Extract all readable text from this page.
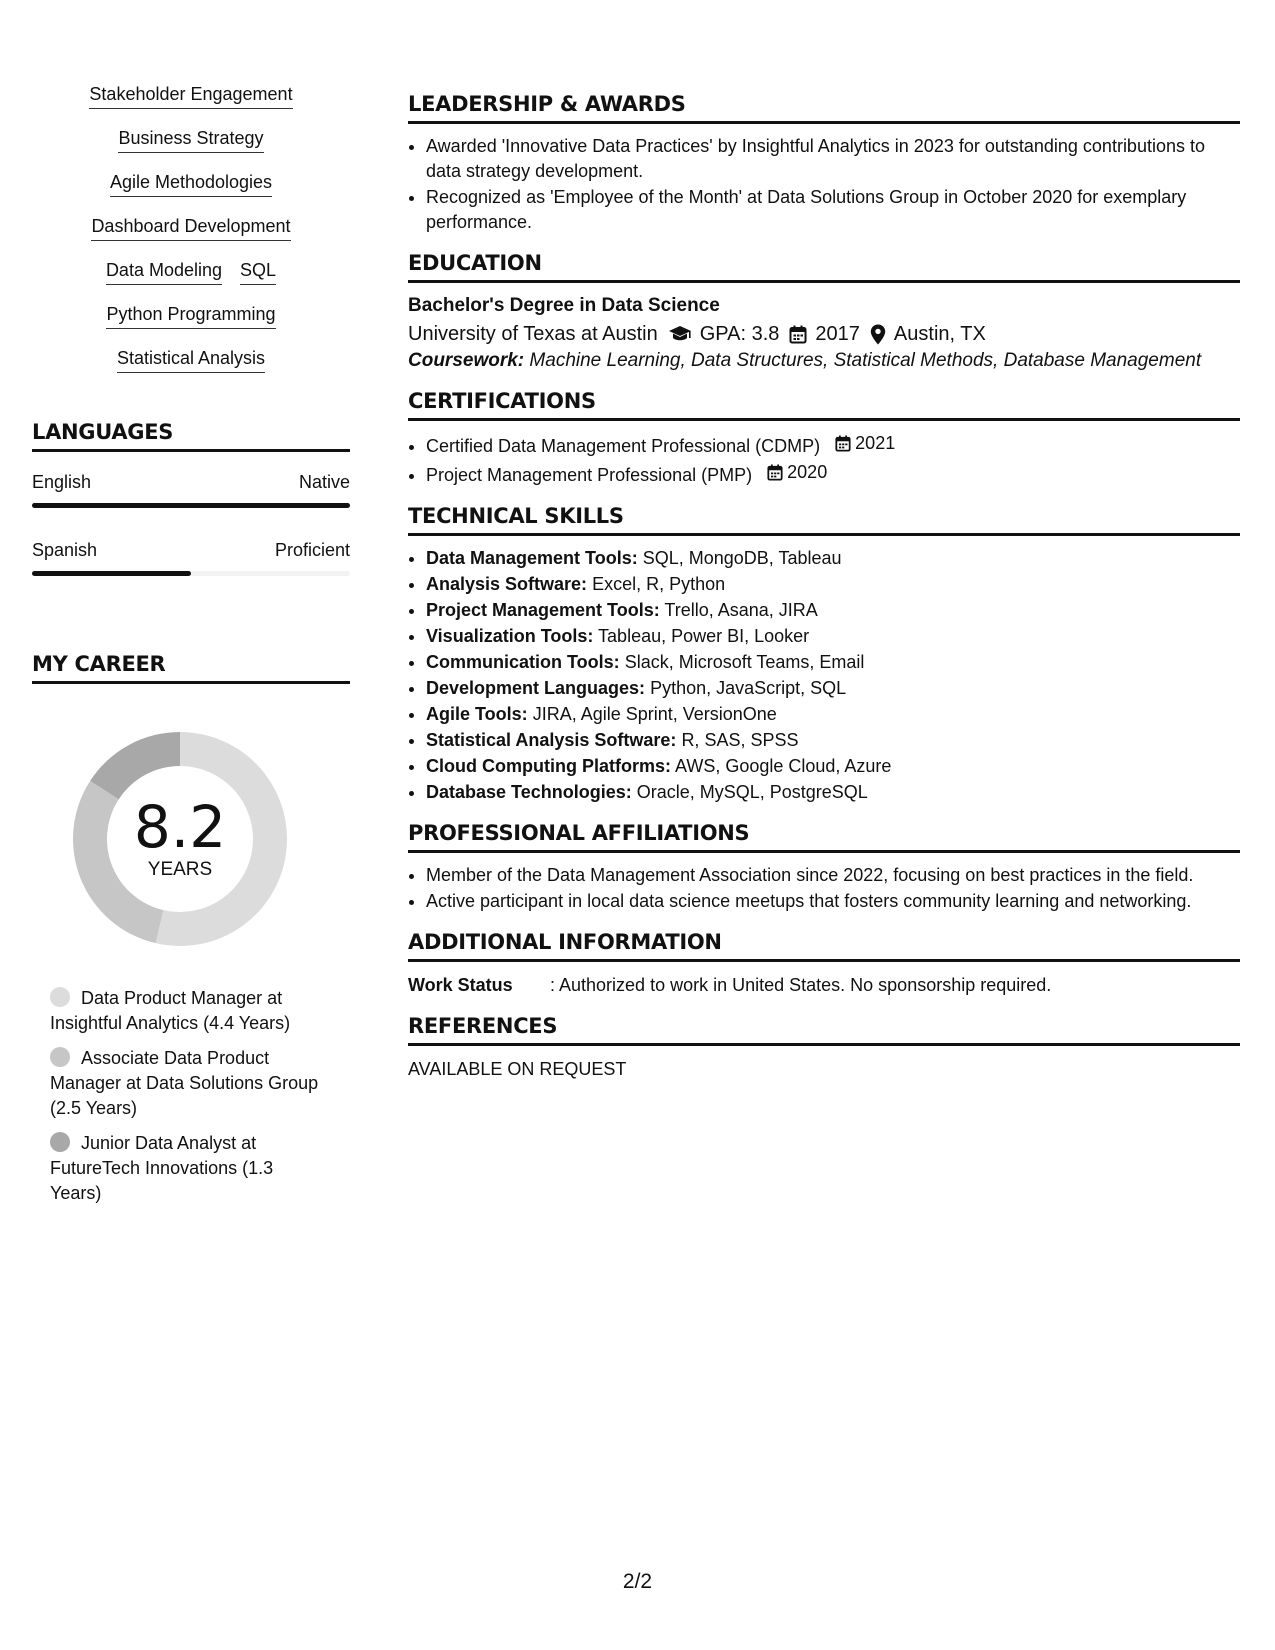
Stakeholder Engagement
Business Strategy
Agile Methodologies
Dashboard Development
Data Modeling SQL
Python Programming
Statistical Analysis
LANGUAGES
English	Native
Spanish	Proficient
MY CAREER
8.2
YEARS
Data Product Manager at Insightful Analytics (4.4 Years)
Associate Data Product Manager at Data Solutions Group (2.5 Years)
Junior Data Analyst at FutureTech Innovations (1.3 Years)
LEADERSHIP & AWARDS
• Awarded 'Innovative Data Practices' by Insightful Analytics in 2023 for outstanding contributions to data strategy development.
• Recognized as 'Employee of the Month' at Data Solutions Group in October 2020 for exemplary performance.
EDUCATION
Bachelor's Degree in Data Science
University of Texas at Austin GPA: 3.8 2017 Austin, TX
Coursework: Machine Learning, Data Structures, Statistical Methods, Database Management
CERTIFICATIONS
• Certified Data Management Professional (CDMP) 2021
• Project Management Professional (PMP) 2020
TECHNICAL SKILLS
• Data Management Tools: SQL, MongoDB, Tableau
• Analysis Software: Excel, R, Python
• Project Management Tools: Trello, Asana, JIRA
• Visualization Tools: Tableau, Power BI, Looker
• Communication Tools: Slack, Microsoft Teams, Email
• Development Languages: Python, JavaScript, SQL
• Agile Tools: JIRA, Agile Sprint, VersionOne
• Statistical Analysis Software: R, SAS, SPSS
• Cloud Computing Platforms: AWS, Google Cloud, Azure
• Database Technologies: Oracle, MySQL, PostgreSQL
PROFESSIONAL AFFILIATIONS
• Member of the Data Management Association since 2022, focusing on best practices in the field.
• Active participant in local data science meetups that fosters community learning and networking.
ADDITIONAL INFORMATION
Work Status	: Authorized to work in United States. No sponsorship required.
REFERENCES
AVAILABLE ON REQUEST
2/2
